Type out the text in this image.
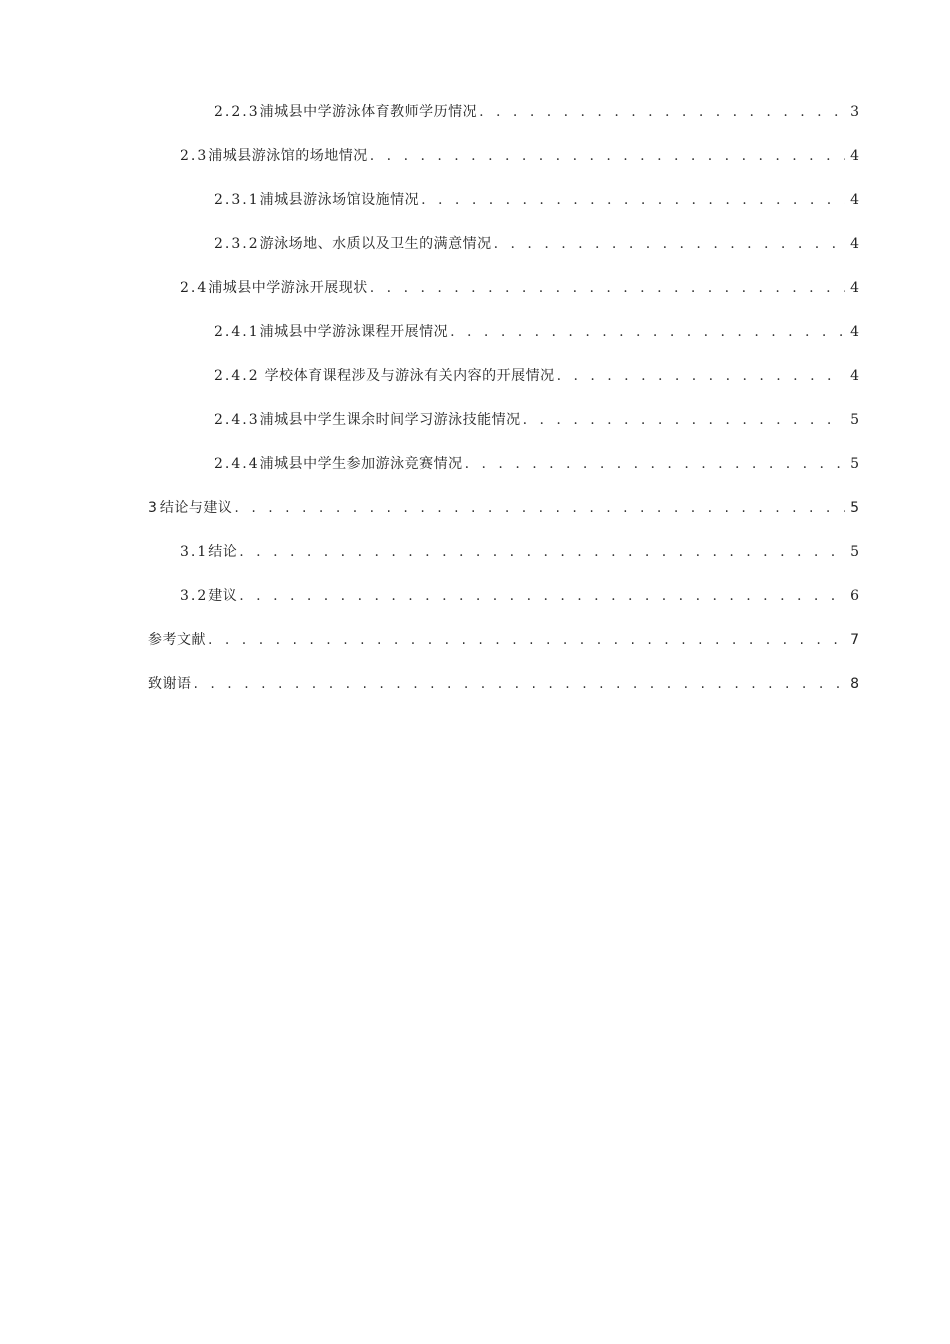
2.2.3 浦城县中学游泳体育教师学历情况 . . .	3
2.3 浦城县游泳馆的场地情况 . . .	4
2.3.1 浦城县游泳场馆设施情况 . . .	4
2.3.2 游泳场地、水质以及卫生的满意情况 . . .	4
2.4 浦城县中学游泳开展现状 . . .	4
2.4.1 浦城县中学游泳课程开展情况 . . .	4
2.4.2 学校体育课程涉及与游泳有关内容的开展情况 . . .	4
2.4.3 浦城县中学生课余时间学习游泳技能情况 . . .	5
2.4.4 浦城县中学生参加游泳竞赛情况 . . .	5
3 结论与建议 . . .	5
3.1 结论 . . .	5
3.2 建议 . . .	6
参考文献 . . .	7
致谢语 . . .	8
